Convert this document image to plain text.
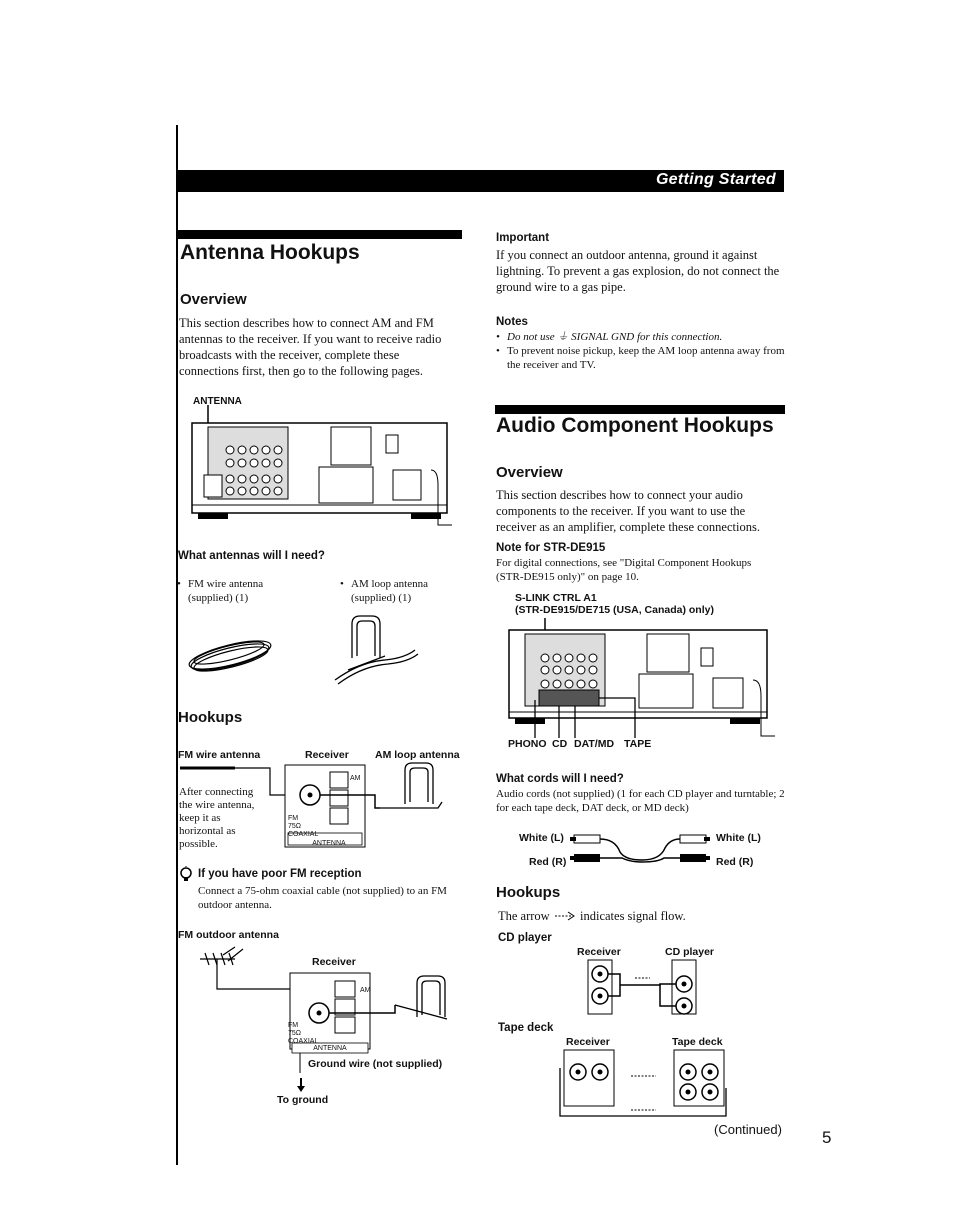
Getting Started
Antenna Hookups
Overview
This section describes how to connect AM and FM antennas to the receiver. If you want to receive radio broadcasts with the receiver, complete these connections first, then go to the following pages.
ANTENNA
What antennas will I need?
• FM wire antenna (supplied) (1)
• AM loop antenna (supplied) (1)
Hookups
FM wire antenna	Receiver AM loop antenna
After connecting the wire antenna, keep it as horizontal as possible.	ANTENNA
FM 75Ω COAXIAL
AM
If you have poor FM reception
Connect a 75-ohm coaxial cable (not supplied) to an FM outdoor antenna.
FM outdoor antenna
Receiver
ANTENNA
FM 75Ω COAXIAL
AM
Ground wire (not supplied)
To ground
Important
If you connect an outdoor antenna, ground it against lightning. To prevent a gas explosion, do not connect the ground wire to a gas pipe.
Notes
• Do not use ⏚ SIGNAL GND for this connection.
• To prevent noise pickup, keep the AM loop antenna away from the receiver and TV.
Audio Component Hookups
Overview
This section describes how to connect your audio components to the receiver. If you want to use the receiver as an amplifier, complete these connections.
Note for STR-DE915
For digital connections, see "Digital Component Hookups (STR-DE915 only)" on page 10.
S-LINK CTRL A1
(STR-DE915/DE715 (USA, Canada) only)
PHONO CD DAT/MD TAPE
What cords will I need?
Audio cords (not supplied) (1 for each CD player and turntable; 2 for each tape deck, DAT deck, or MD deck)
White (L)
Red (R)
White (L)
Red (R)
Hookups
The arrow indicates signal flow.
CD player
Receiver	CD player
Tape deck
Receiver	Tape deck
(Continued) 5
